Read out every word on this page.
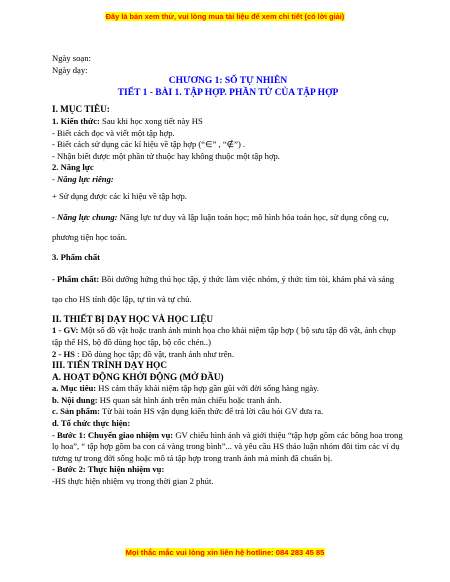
Đây là bản xem thử, vui lòng mua tài liệu để xem chi tiết (có lời giải)
Ngày soạn:
Ngày dạy:
CHƯƠNG 1: SỐ TỰ NHIÊN
TIẾT 1 - BÀI 1. TẬP HỢP. PHẦN TỬ CỦA TẬP HỢP
I. MỤC TIÊU:
1. Kiến thức: Sau khi học xong tiết này HS
- Biết cách đọc và viết một tập hợp.
- Biết cách sử dụng các kí hiệu về tập hợp (“∈” , “∉”) .
- Nhận biết được một phần tử thuộc hay không thuộc một tập hợp.
2. Năng lực
- Năng lực riêng:
+ Sử dụng được các kí hiệu về tập hợp.
- Năng lực chung: Năng lực tư duy và lập luận toán học; mô hình hóa toán học, sử dụng công cụ, phương tiện học toán.
3. Phẩm chất
- Phẩm chất: Bồi dưỡng hứng thú học tập, ý thức làm việc nhóm, ý thức tìm tòi, khám phá và sáng tạo cho HS tính độc lập, tự tin và tự chủ.
II. THIẾT BỊ DẠY HỌC VÀ HỌC LIỆU
1 - GV: Một số đồ vật hoặc tranh ảnh minh họa cho khái niệm tập hợp ( bộ sưu tập đồ vật, ảnh chụp tập thể HS, bộ đồ dùng học tập, bộ cốc chén..)
2 - HS : Đồ dùng học tập; đồ vật, tranh ảnh như trên.
III. TIẾN TRÌNH DẠY HỌC
A. HOẠT ĐỘNG KHỞI ĐỘNG (MỞ ĐẦU)
a. Mục tiêu: HS cảm thấy khái niệm tập hợp gần gũi với đời sống hàng ngày.
b. Nội dung: HS quan sát hình ảnh trên màn chiếu hoặc tranh ảnh.
c. Sản phẩm: Từ bài toán HS vận dụng kiến thức để trả lời câu hỏi GV đưa ra.
d. Tổ chức thực hiện:
- Bước 1: Chuyển giao nhiệm vụ: GV chiếu hình ảnh và giới thiệu “tập hợp gồm các bông hoa trong lọ hoa”, “ tập hợp gồm ba con cá vàng trong bình”... và yêu cầu HS thảo luận nhóm đôi tìm các ví dụ tương tự trong đời sống hoặc mô tả tập hợp trong tranh ảnh mà mình đã chuẩn bị.
- Bước 2: Thực hiện nhiệm vụ:
-HS thực hiện nhiệm vụ trong thời gian 2 phút.
Mọi thắc mắc vui lòng xin liên hệ hotline: 084 283 45 85
